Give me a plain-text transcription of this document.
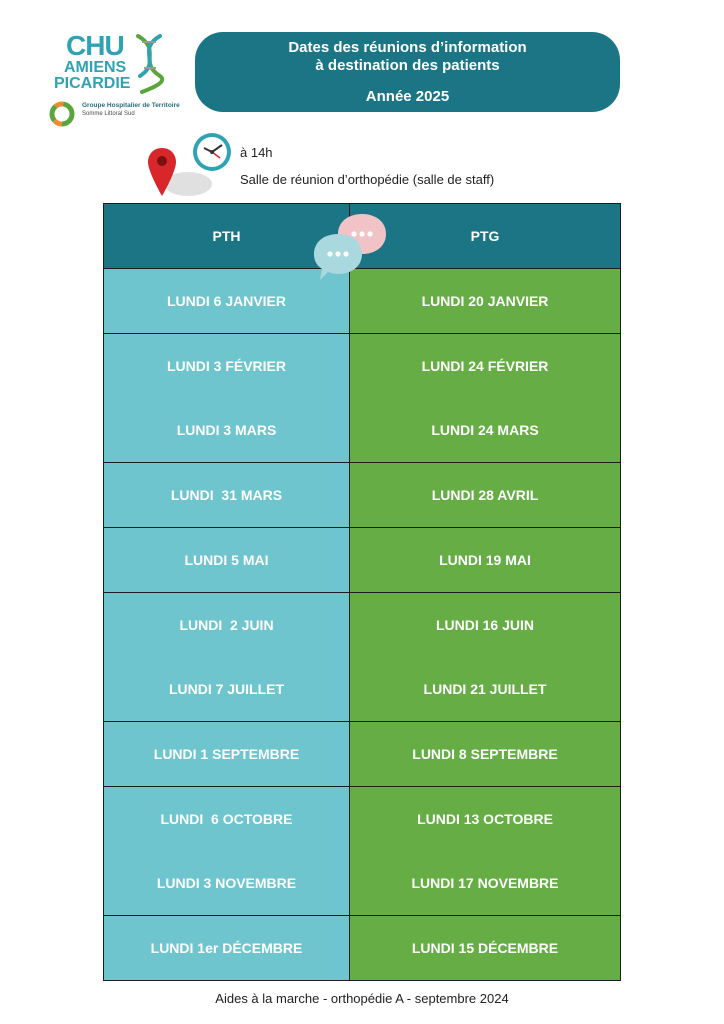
CHU
AMIENS
PICARDIE
Groupe Hospitalier de Territoire
Somme Littoral Sud
Dates des réunions d’information
à destination des patients
Année 2025
à 14h
Salle de réunion d’orthopédie (salle de staff)
PTH	PTG
LUNDI 6 JANVIER	LUNDI 20 JANVIER
LUNDI 3 FÉVRIER	LUNDI 24 FÉVRIER
LUNDI 3 MARS	LUNDI 24 MARS
LUNDI  31 MARS	LUNDI 28 AVRIL
LUNDI 5 MAI	LUNDI 19 MAI
LUNDI  2 JUIN	LUNDI 16 JUIN
LUNDI 7 JUILLET	LUNDI 21 JUILLET
LUNDI 1 SEPTEMBRE	LUNDI 8 SEPTEMBRE
LUNDI  6 OCTOBRE	LUNDI 13 OCTOBRE
LUNDI 3 NOVEMBRE	LUNDI 17 NOVEMBRE
LUNDI 1er DÉCEMBRE	LUNDI 15 DÉCEMBRE
Aides à la marche - orthopédie A - septembre 2024
